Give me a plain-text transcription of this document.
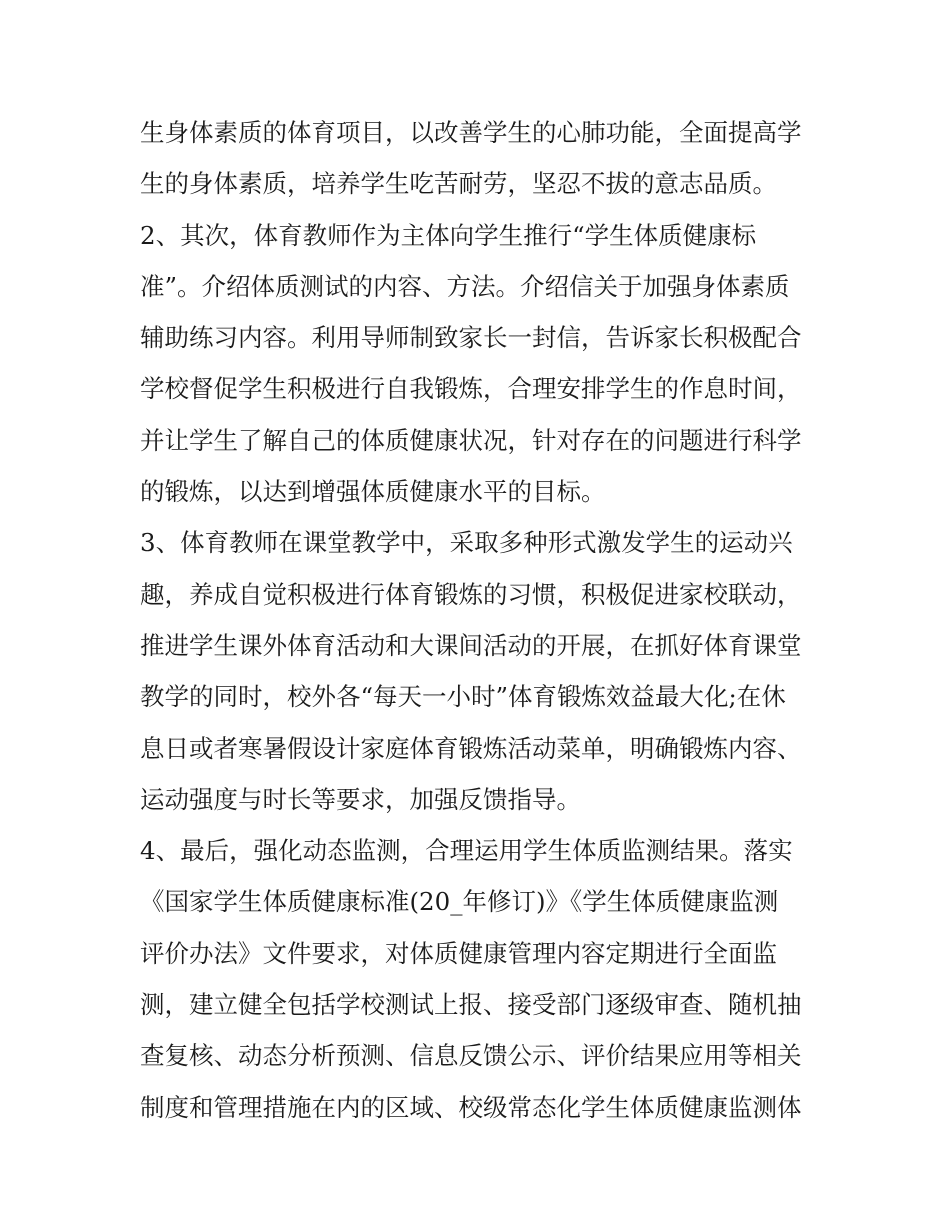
生身体素质的体育项目，以改善学生的心肺功能，全面提高学
生的身体素质，培养学生吃苦耐劳，坚忍不拔的意志品质。
2、其次，体育教师作为主体向学生推行“学生体质健康标
准”。介绍体质测试的内容、方法。介绍信关于加强身体素质
辅助练习内容。利用导师制致家长一封信，告诉家长积极配合
学校督促学生积极进行自我锻炼，合理安排学生的作息时间，
并让学生了解自己的体质健康状况，针对存在的问题进行科学
的锻炼，以达到增强体质健康水平的目标。
3、体育教师在课堂教学中，采取多种形式激发学生的运动兴
趣，养成自觉积极进行体育锻炼的习惯，积极促进家校联动，
推进学生课外体育活动和大课间活动的开展，在抓好体育课堂
教学的同时，校外各“每天一小时”体育锻炼效益最大化;在休
息日或者寒暑假设计家庭体育锻炼活动菜单，明确锻炼内容、
运动强度与时长等要求，加强反馈指导。
4、最后，强化动态监测，合理运用学生体质监测结果。落实
《国家学生体质健康标准(20_年修订)》《学生体质健康监测
评价办法》文件要求，对体质健康管理内容定期进行全面监
测，建立健全包括学校测试上报、接受部门逐级审查、随机抽
查复核、动态分析预测、信息反馈公示、评价结果应用等相关
制度和管理措施在内的区域、校级常态化学生体质健康监测体
